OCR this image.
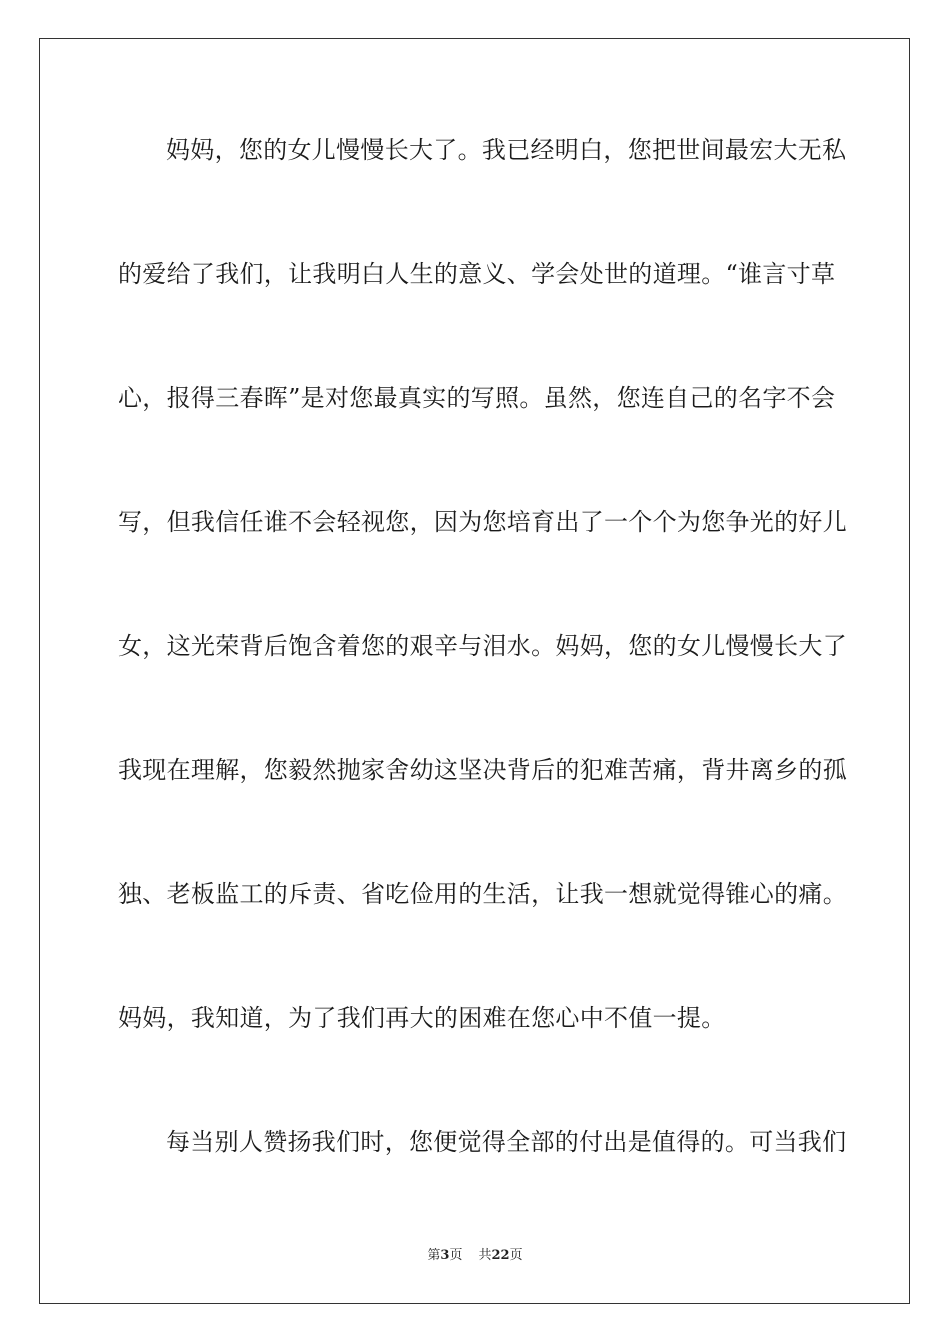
妈妈，您的女儿慢慢长大了。我已经明白，您把世间最宏大无私
的爱给了我们，让我明白人生的意义、学会处世的道理。“谁言寸草
心，报得三春晖”是对您最真实的写照。虽然，您连自己的名字不会
写，但我信任谁不会轻视您，因为您培育出了一个个为您争光的好儿
女，这光荣背后饱含着您的艰辛与泪水。妈妈，您的女儿慢慢长大了
我现在理解，您毅然抛家舍幼这坚决背后的犯难苦痛，背井离乡的孤
独、老板监工的斥责、省吃俭用的生活，让我一想就觉得锥心的痛。
妈妈，我知道，为了我们再大的困难在您心中不值一提。
每当别人赞扬我们时，您便觉得全部的付出是值得的。可当我们
第3页 共22页
